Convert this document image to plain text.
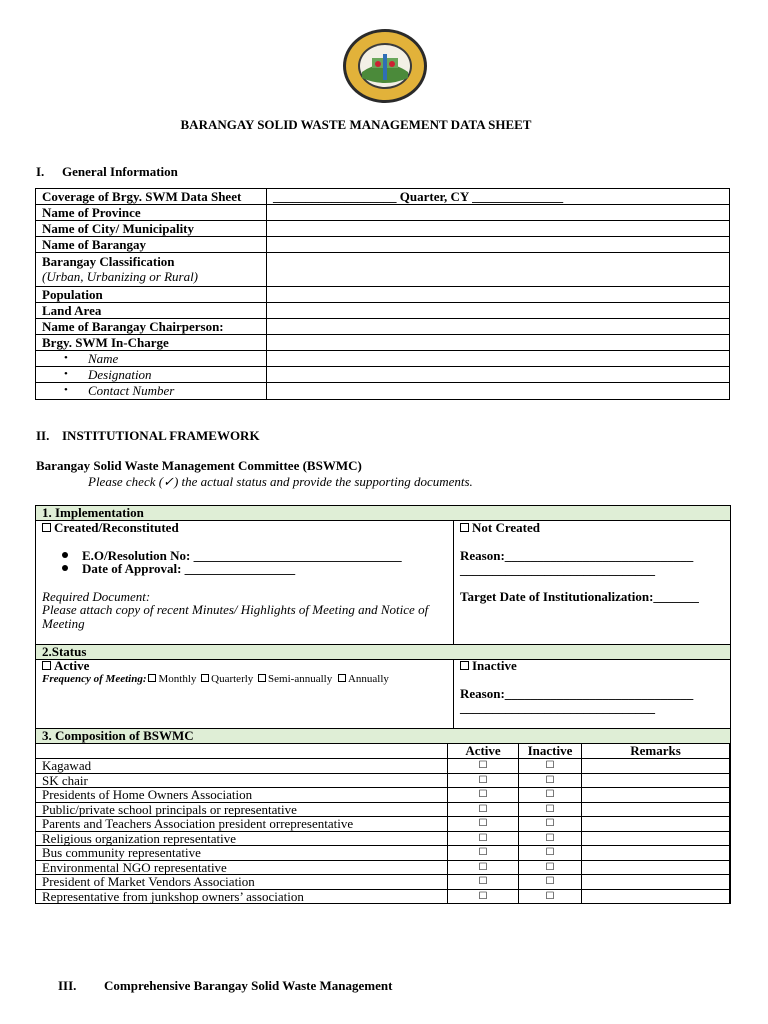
BARANGAY SOLID WASTE MANAGEMENT DATA SHEET
I. General Information
Coverage of Brgy. SWM Data Sheet	___________________ Quarter, CY ______________
Name of Province	
Name of City/ Municipality	
Name of Barangay	
Barangay Classification
(Urban, Urbanizing or Rural)	
Population	
Land Area	
Name of Barangay Chairperson:	
Brgy. SWM In-Charge	

• Name	

• Designation	

• Contact Number	
II. INSTITUTIONAL FRAMEWORK
Barangay Solid Waste Management Committee (BSWMC)
Please check (✓) the actual status and provide the supporting documents.
1. Implementation
Created/Reconstituted
E.O/Resolution No: ________________________________
Date of Approval: _________________
Required Document:
Please attach copy of recent Minutes/ Highlights of Meeting and Notice of Meeting
Not Created
Reason:_____________________________
______________________________
Target Date of Institutionalization:_______
2.Status
Active
Frequency of Meeting: Monthly Quarterly Semi-annually Annually
Inactive
Reason:_____________________________
______________________________
3. Composition of BSWMC
	Active	Inactive	Remarks
Kagawad	☐	☐	
SK chair	☐	☐	
Presidents of Home Owners Association	☐	☐	
Public/private school principals or representative	☐	☐	
Parents and Teachers Association president orrepresentative	☐	☐	
Religious organization representative	☐	☐	
Bus community representative	☐	☐	
Environmental NGO representative	☐	☐	
President of Market Vendors Association	☐	☐	
Representative from junkshop owners’ association	☐	☐	
III. Comprehensive Barangay Solid Waste Management
